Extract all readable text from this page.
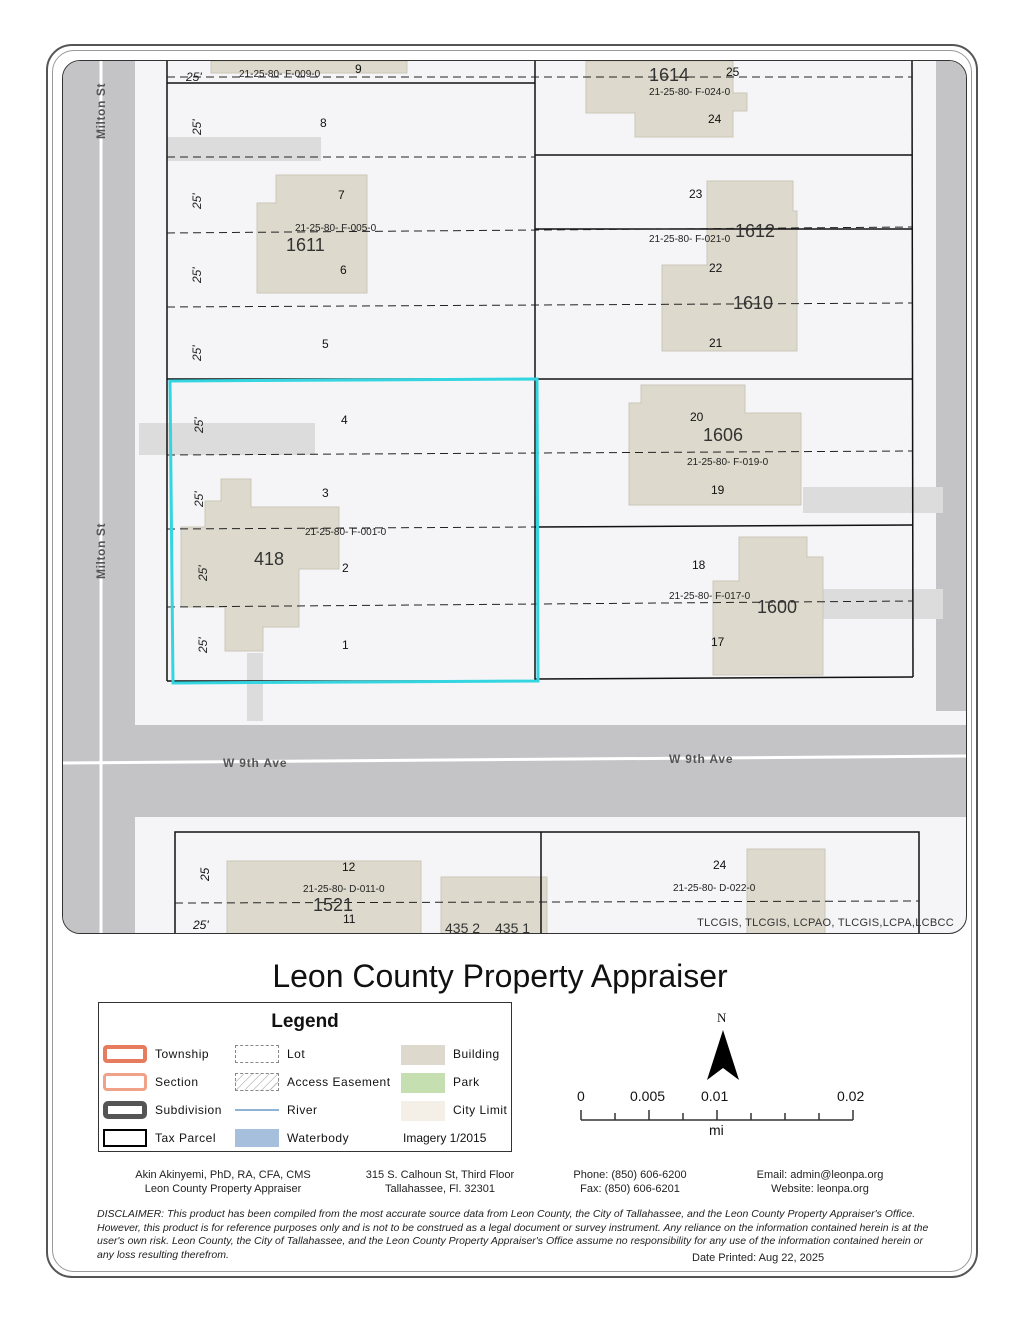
Milton St
Milton St
W 9th Ave	W 9th Ave
9
8
7
6
5
4
3
2
1
25'
25'
25'
25'
25'
25'
25'
25'
25'
25
24
23
22
21
20
19
18
17
21-25-80- F-009-0
21-25-80- F-024-0
21-25-80- F-005-0
21-25-80- F-021-0
21-25-80- F-019-0
21-25-80- F-001-0
21-25-80- F-017-0
21-25-80- D-011-0	21-25-80- D-022-0
1614
1611
1612
1610
1606
418
1600
1521
435 2 435 1
12
11
24
25
25'	TLCGIS, TLCGIS, LCPAO, TLCGIS,LCPA,LCBCC
Leon County Property Appraiser
Legend
Township
Section
Subdivision
Tax Parcel
Lot
Access Easement
River
Waterbody
Building
Park
City Limit
Imagery 1/2015
N
0	0.005	0.01	0.02
mi
Akin Akinyemi, PhD, RA, CFA, CMS
Leon County Property Appraiser
315 S. Calhoun St, Third Floor
Tallahassee, Fl. 32301
Phone: (850) 606-6200
Fax: (850) 606-6201
Email: admin@leonpa.org
Website: leonpa.org
DISCLAIMER: This product has been compiled from the most accurate source data from Leon County, the City of Tallahassee, and the Leon County Property Appraiser's Office. However, this product is for reference purposes only and is not to be construed as a legal document or survey instrument. Any reliance on the information contained herein is at the user's own risk. Leon County, the City of Tallahassee, and the Leon County Property Appraiser's Office assume no responsibility for any use of the information contained herein or any loss resulting therefrom.	Date Printed: Aug 22, 2025
